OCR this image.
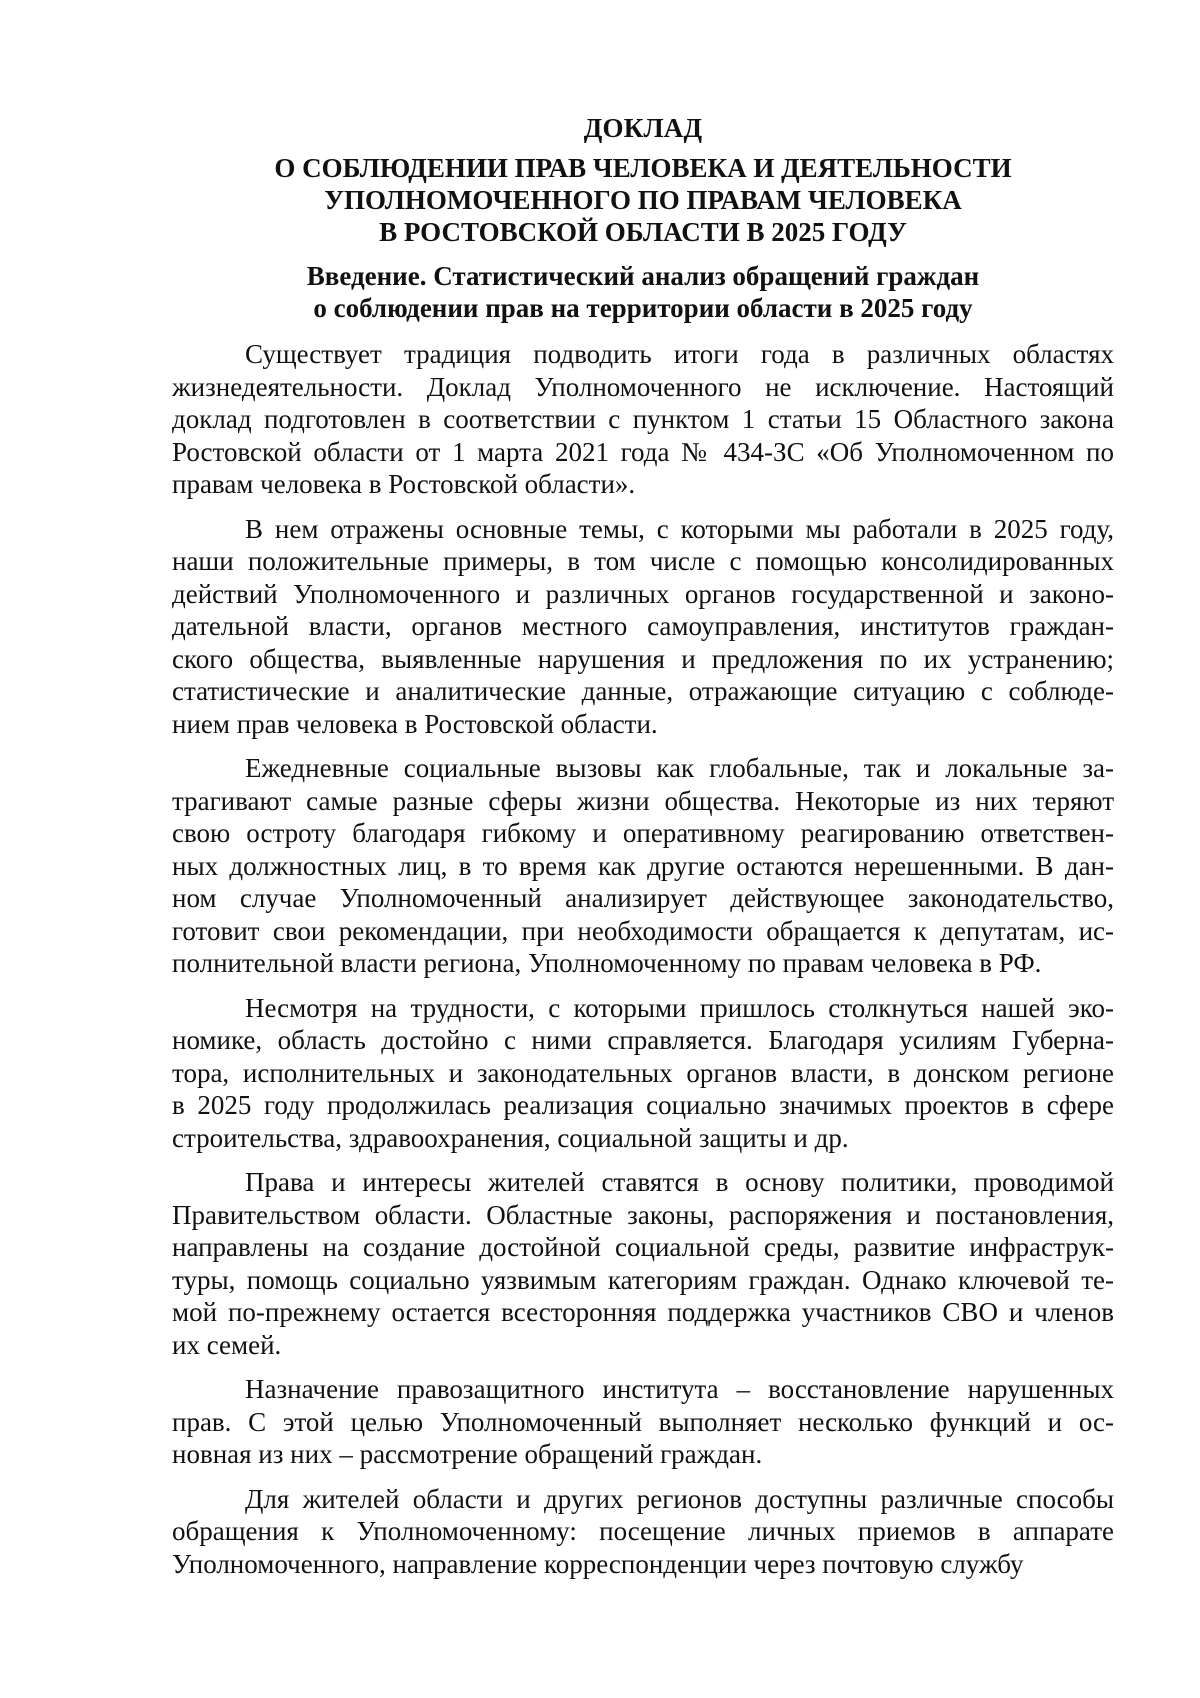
ДОКЛАД
О СОБЛЮДЕНИИ ПРАВ ЧЕЛОВЕКА И ДЕЯТЕЛЬНОСТИ
УПОЛНОМОЧЕННОГО ПО ПРАВАМ ЧЕЛОВЕКА
В РОСТОВСКОЙ ОБЛАСТИ В 2025 ГОДУ
Введение. Статистический анализ обращений граждан
о соблюдении прав на территории области в 2025 году
Существует традиция подводить итоги года в различных областях
жизнедеятельности. Доклад Уполномоченного не исключение. Настоящий
доклад подготовлен в соответствии с пунктом 1 статьи 15 Областного закона
Ростовской области от 1 марта 2021 года № 434-ЗС «Об Уполномоченном по
правам человека в Ростовской области».
В нем отражены основные темы, с которыми мы работали в 2025 году,
наши положительные примеры, в том числе с помощью консолидированных
действий Уполномоченного и различных органов государственной и законо-
дательной власти, органов местного самоуправления, институтов граждан-
ского общества, выявленные нарушения и предложения по их устранению;
статистические и аналитические данные, отражающие ситуацию с соблюде-
нием прав человека в Ростовской области.
Ежедневные социальные вызовы как глобальные, так и локальные за-
трагивают самые разные сферы жизни общества. Некоторые из них теряют
свою остроту благодаря гибкому и оперативному реагированию ответствен-
ных должностных лиц, в то время как другие остаются нерешенными. В дан-
ном случае Уполномоченный анализирует действующее законодательство,
готовит свои рекомендации, при необходимости обращается к депутатам, ис-
полнительной власти региона, Уполномоченному по правам человека в РФ.
Несмотря на трудности, с которыми пришлось столкнуться нашей эко-
номике, область достойно с ними справляется. Благодаря усилиям Губерна-
тора, исполнительных и законодательных органов власти, в донском регионе
в 2025 году продолжилась реализация социально значимых проектов в сфере
строительства, здравоохранения, социальной защиты и др.
Права и интересы жителей ставятся в основу политики, проводимой
Правительством области. Областные законы, распоряжения и постановления,
направлены на создание достойной социальной среды, развитие инфраструк-
туры, помощь социально уязвимым категориям граждан. Однако ключевой те-
мой по-прежнему остается всесторонняя поддержка участников СВО и членов
их семей.
Назначение правозащитного института – восстановление нарушенных
прав. С этой целью Уполномоченный выполняет несколько функций и ос-
новная из них – рассмотрение обращений граждан.
Для жителей области и других регионов доступны различные способы
обращения к Уполномоченному: посещение личных приемов в аппарате
Уполномоченного, направление корреспонденции через почтовую службу
